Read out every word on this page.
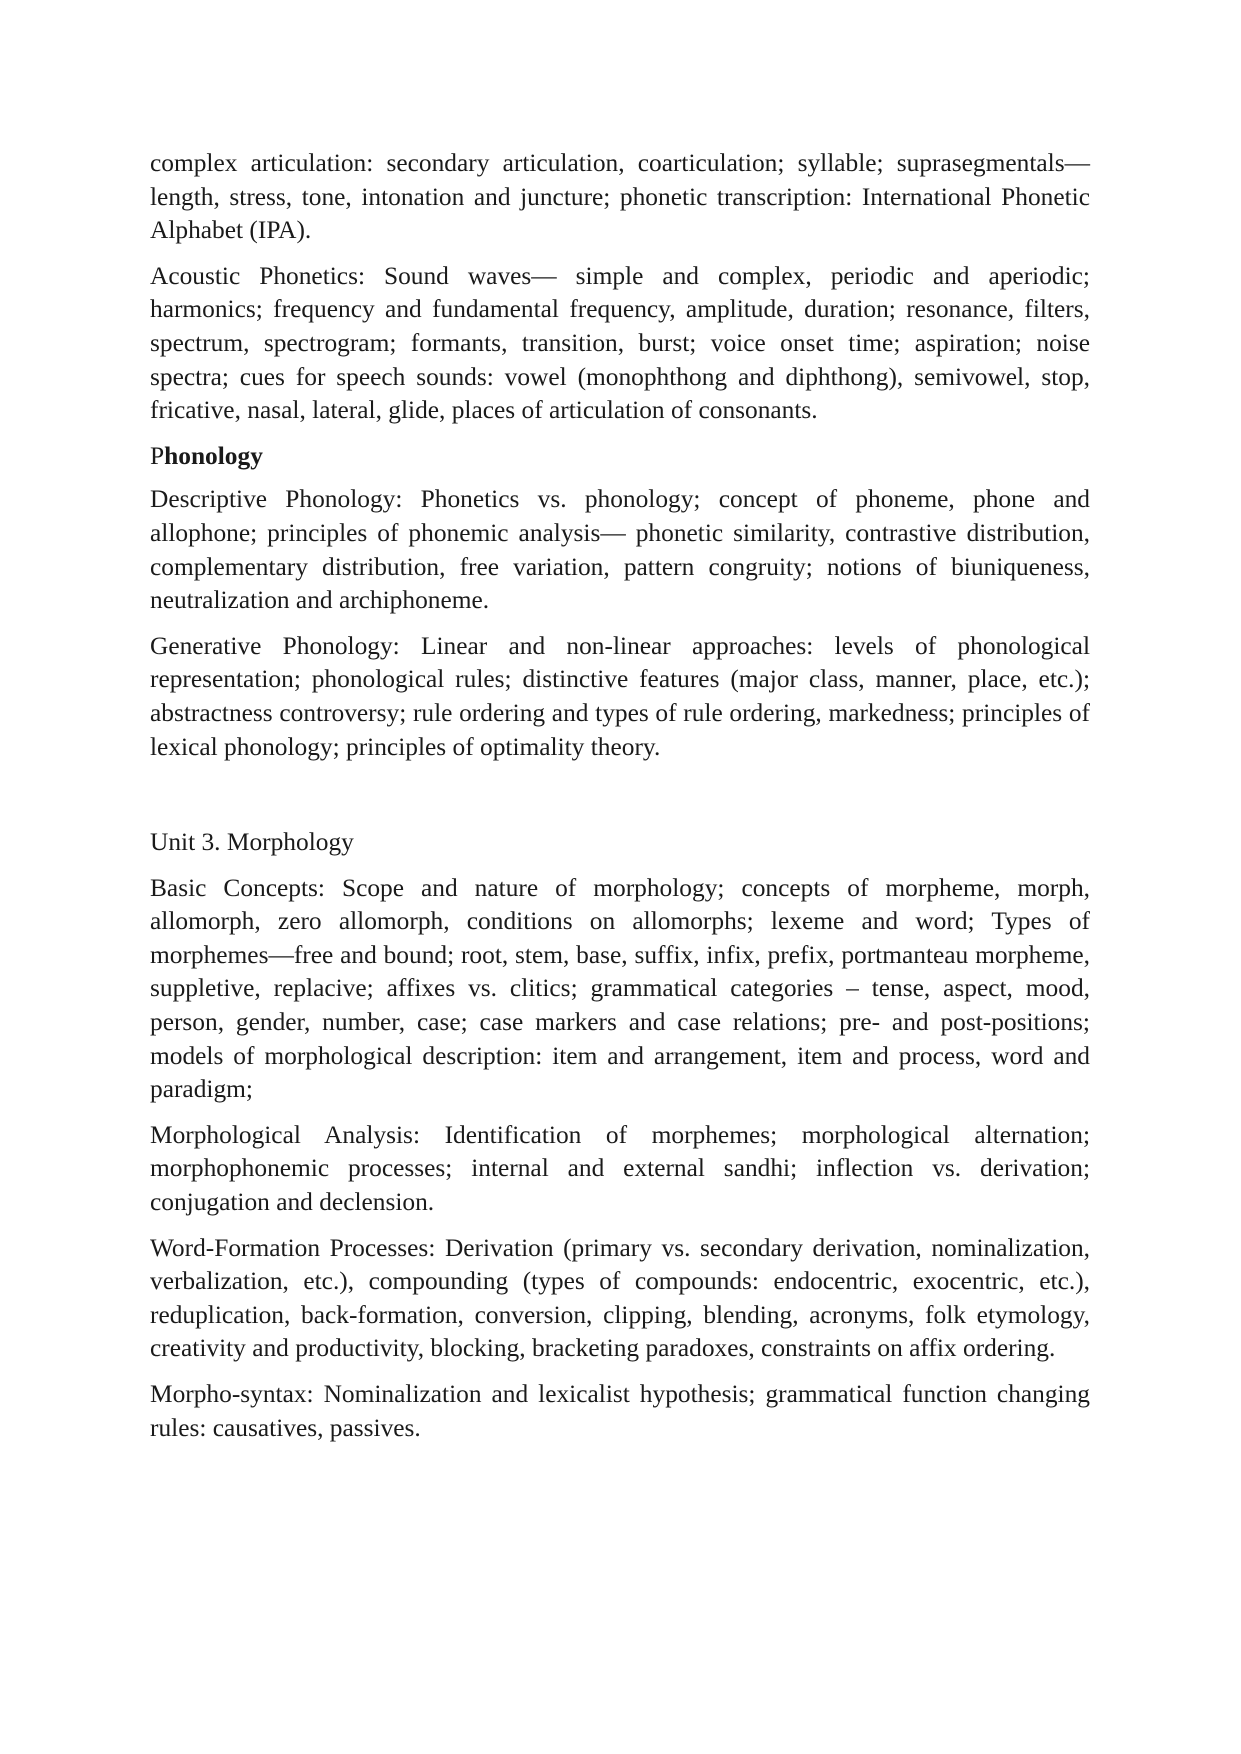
complex articulation: secondary articulation, coarticulation; syllable; suprasegmentals—length, stress, tone, intonation and juncture; phonetic transcription: International Phonetic Alphabet (IPA).

Acoustic Phonetics: Sound waves— simple and complex, periodic and aperiodic; harmonics; frequency and fundamental frequency, amplitude, duration; resonance, filters, spectrum, spectrogram; formants, transition, burst; voice onset time; aspiration; noise spectra; cues for speech sounds: vowel (monophthong and diphthong), semivowel, stop, fricative, nasal, lateral, glide, places of articulation of consonants.

Phonology

Descriptive Phonology: Phonetics vs. phonology; concept of phoneme, phone and allophone; principles of phonemic analysis— phonetic similarity, contrastive distribution, complementary distribution, free variation, pattern congruity; notions of biuniqueness, neutralization and archiphoneme.

Generative Phonology: Linear and non-linear approaches: levels of phonological representation; phonological rules; distinctive features (major class, manner, place, etc.); abstractness controversy; rule ordering and types of rule ordering, markedness; principles of lexical phonology; principles of optimality theory.

Unit 3. Morphology

Basic Concepts: Scope and nature of morphology; concepts of morpheme, morph, allomorph, zero allomorph, conditions on allomorphs; lexeme and word; Types of morphemes—free and bound; root, stem, base, suffix, infix, prefix, portmanteau morpheme, suppletive, replacive; affixes vs. clitics; grammatical categories – tense, aspect, mood, person, gender, number, case; case markers and case relations; pre- and post-positions; models of morphological description: item and arrangement, item and process, word and paradigm;

Morphological Analysis: Identification of morphemes; morphological alternation; morphophonemic processes; internal and external sandhi; inflection vs. derivation; conjugation and declension.

Word-Formation Processes: Derivation (primary vs. secondary derivation, nominalization, verbalization, etc.), compounding (types of compounds: endocentric, exocentric, etc.), reduplication, back-formation, conversion, clipping, blending, acronyms, folk etymology, creativity and productivity, blocking, bracketing paradoxes, constraints on affix ordering.

Morpho-syntax: Nominalization and lexicalist hypothesis; grammatical function changing rules: causatives, passives.
